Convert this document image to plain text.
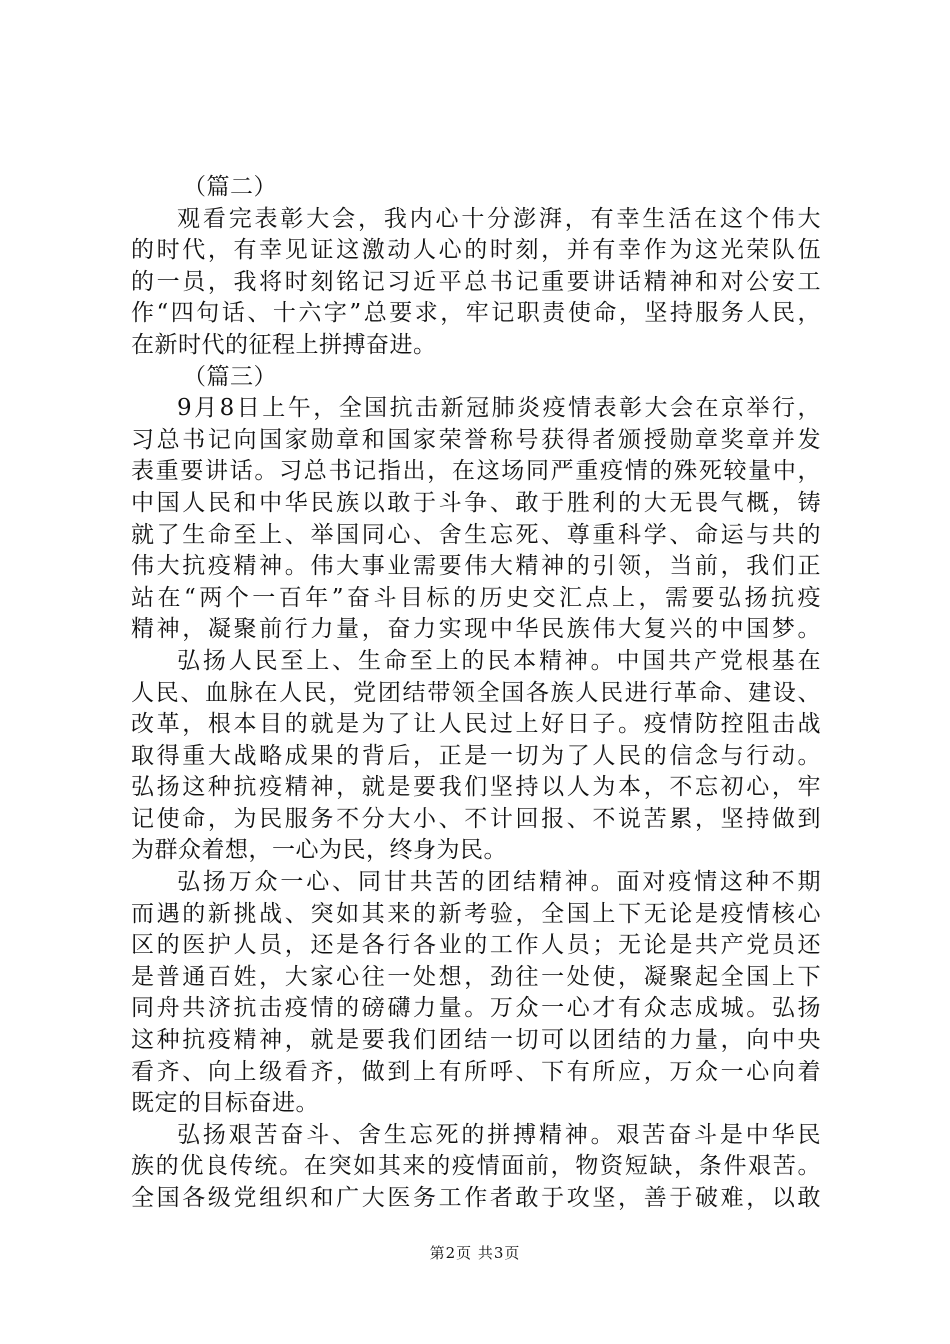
（篇二）
观看完表彰大会，我内心十分澎湃，有幸生活在这个伟大
的时代，有幸见证这激动人心的时刻，并有幸作为这光荣队伍
的一员，我将时刻铭记习近平总书记重要讲话精神和对公安工
作“四句话、十六字”总要求，牢记职责使命，坚持服务人民，
在新时代的征程上拼搏奋进。
（篇三）
9月8日上午，全国抗击新冠肺炎疫情表彰大会在京举行，
习总书记向国家勋章和国家荣誉称号获得者颁授勋章奖章并发
表重要讲话。习总书记指出，在这场同严重疫情的殊死较量中，
中国人民和中华民族以敢于斗争、敢于胜利的大无畏气概，铸
就了生命至上、举国同心、舍生忘死、尊重科学、命运与共的
伟大抗疫精神。伟大事业需要伟大精神的引领，当前，我们正
站在“两个一百年”奋斗目标的历史交汇点上，需要弘扬抗疫
精神，凝聚前行力量，奋力实现中华民族伟大复兴的中国梦。
弘扬人民至上、生命至上的民本精神。中国共产党根基在
人民、血脉在人民，党团结带领全国各族人民进行革命、建设、
改革，根本目的就是为了让人民过上好日子。疫情防控阻击战
取得重大战略成果的背后，正是一切为了人民的信念与行动。
弘扬这种抗疫精神，就是要我们坚持以人为本，不忘初心，牢
记使命，为民服务不分大小、不计回报、不说苦累，坚持做到
为群众着想，一心为民，终身为民。
弘扬万众一心、同甘共苦的团结精神。面对疫情这种不期
而遇的新挑战、突如其来的新考验，全国上下无论是疫情核心
区的医护人员，还是各行各业的工作人员；无论是共产党员还
是普通百姓，大家心往一处想，劲往一处使，凝聚起全国上下
同舟共济抗击疫情的磅礴力量。万众一心才有众志成城。弘扬
这种抗疫精神，就是要我们团结一切可以团结的力量，向中央
看齐、向上级看齐，做到上有所呼、下有所应，万众一心向着
既定的目标奋进。
弘扬艰苦奋斗、舍生忘死的拼搏精神。艰苦奋斗是中华民
族的优良传统。在突如其来的疫情面前，物资短缺，条件艰苦。
全国各级党组织和广大医务工作者敢于攻坚，善于破难，以敢
第2页 共3页
